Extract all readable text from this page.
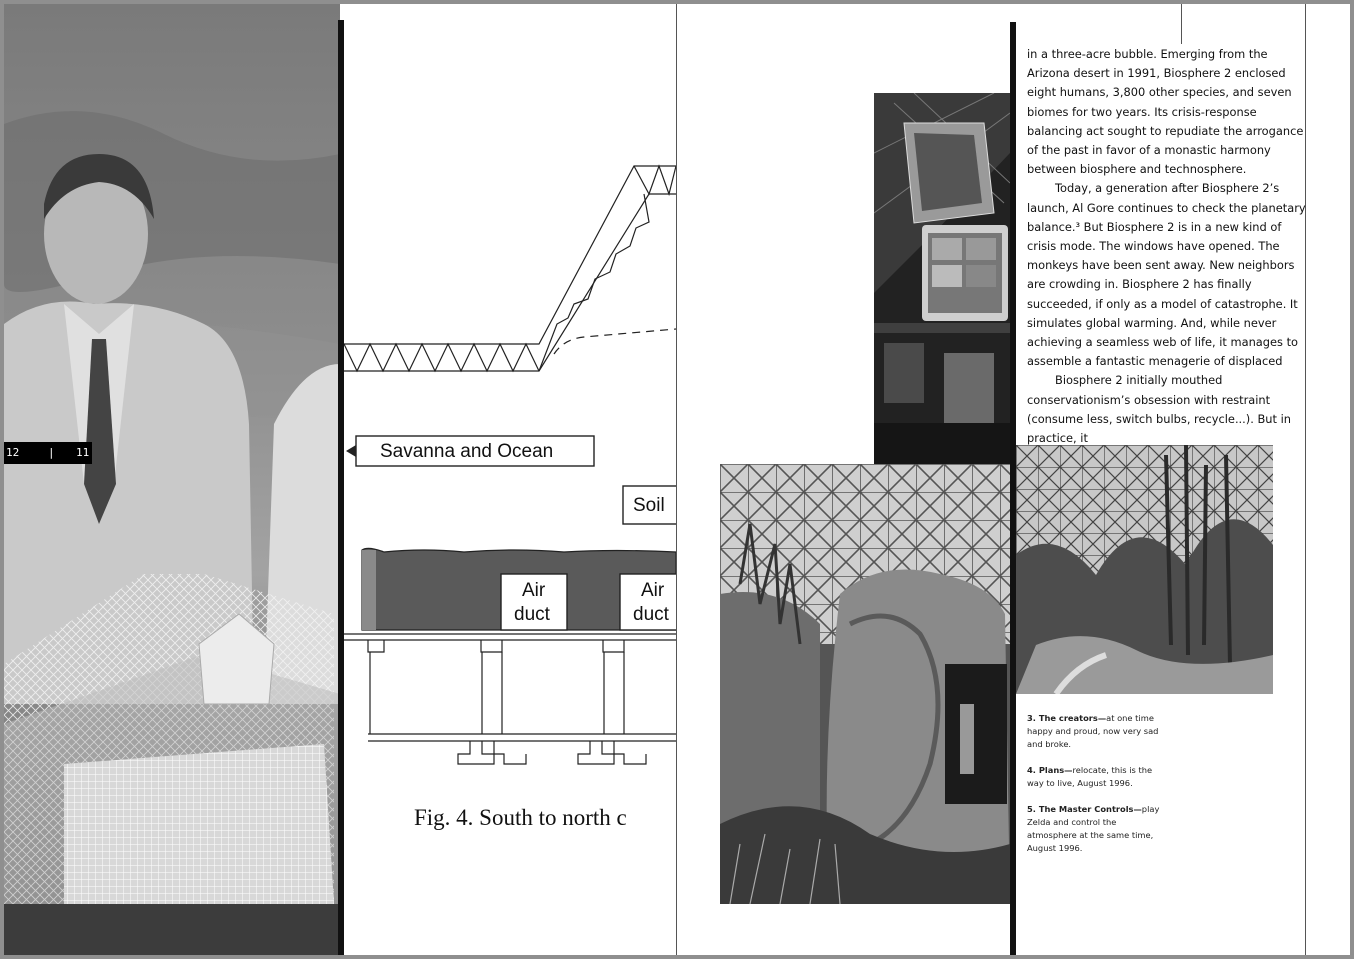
12	| 11	Savanna and Ocean
Soil
Air
duct
Air
duct
Fig. 4. South to north c

in a three-acre bubble. Emerging from the Arizona desert in 1991, Biosphere 2 enclosed eight humans, 3,800 other species, and seven biomes for two years. Its crisis-response balancing act sought to repudiate the arrogance of the past in favor of a monastic harmony between biosphere and technosphere.

Today, a generation after Biosphere 2’s launch, Al Gore continues to check the planetary balance.³ But Biosphere 2 is in a new kind of crisis mode. The windows have opened. The monkeys have been sent away. New neighbors are crowding in. Biosphere 2 has finally succeeded, if only as a model of catastrophe. It simulates global warming. And, while never achieving a seamless web of life, it manages to assemble a fantastic menagerie of displaced

Biosphere 2 initially mouthed conservationism’s obsession with restraint (consume less, switch bulbs, recycle...). But in practice, it

3. The creators—at one time happy and proud, now very sad and broke.
4. Plans—relocate, this is the way to live, August 1996.
5. The Master Controls—play Zelda and control the atmosphere at the same time, August 1996.
